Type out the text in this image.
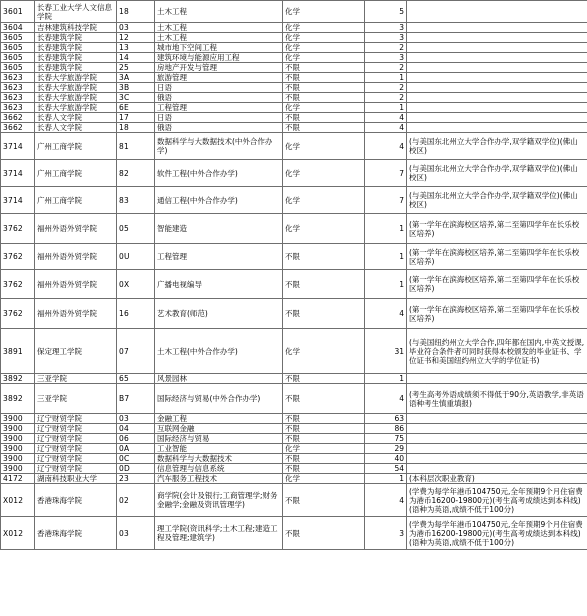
3601	长春工业大学人文信息学院	18	土木工程	化学	5	
3604	吉林建筑科技学院	03	土木工程	化学	3	
3605	长春建筑学院	12	土木工程	化学	3	
3605	长春建筑学院	13	城市地下空间工程	化学	2	
3605	长春建筑学院	14	建筑环境与能源应用工程	化学	3	
3605	长春建筑学院	25	房地产开发与管理	不限	2	
3623	长春大学旅游学院	3A	旅游管理	不限	1	
3623	长春大学旅游学院	3B	日语	不限	2	
3623	长春大学旅游学院	3C	俄语	不限	2	
3623	长春大学旅游学院	6E	工程管理	化学	1	
3662	长春人文学院	17	日语	不限	4	
3662	长春人文学院	18	俄语	不限	4	
3714	广州工商学院	81	数据科学与大数据技术(中外合作办学)	化学	4	(与美国东北州立大学合作办学,双学籍双学位)(佛山校区)
3714	广州工商学院	82	软件工程(中外合作办学)	化学	7	(与美国东北州立大学合作办学,双学籍双学位)(佛山校区)
3714	广州工商学院	83	通信工程(中外合作办学)	化学	7	(与美国东北州立大学合作办学,双学籍双学位)(佛山校区)
3762	福州外语外贸学院	05	智能建造	化学	1	(第一学年在滨海校区培养,第二至第四学年在长乐校区培养)
3762	福州外语外贸学院	0U	工程管理	不限	1	(第一学年在滨海校区培养,第二至第四学年在长乐校区培养)
3762	福州外语外贸学院	0X	广播电视编导	不限	1	(第一学年在滨海校区培养,第二至第四学年在长乐校区培养)
3762	福州外语外贸学院	16	艺术教育(师范)	不限	4	(第一学年在滨海校区培养,第二至第四学年在长乐校区培养)
3891	保定理工学院	07	土木工程(中外合作办学)	化学	31	(与美国纽约州立大学合作,四年都在国内,中英文授课,毕业符合条件者可同时获得本校颁发的毕业证书、学位证书和美国纽约州立大学的学位证书)
3892	三亚学院	65	风景园林	不限	1	
3892	三亚学院	B7	国际经济与贸易(中外合作办学)	不限	4	(考生高考外语成绩须不得低于90分,英语教学,非英语语种考生慎重填报)
3900	辽宁财贸学院	03	金融工程	不限	63	
3900	辽宁财贸学院	04	互联网金融	不限	86	
3900	辽宁财贸学院	06	国际经济与贸易	不限	75	
3900	辽宁财贸学院	0A	工业智能	化学	29	
3900	辽宁财贸学院	0C	数据科学与大数据技术	不限	40	
3900	辽宁财贸学院	0D	信息管理与信息系统	不限	54	
4172	湖南科技职业大学	23	汽车服务工程技术	化学	1	(本科层次职业教育)
X012	香港珠海学院	02	商学院(会计及银行;工商管理学;财务金融学;金融及资讯管理学)	不限	4	(学费为每学年港币104750元,全年预期9个月住宿费为港币16200-19800元)(考生高考成绩达到本科线)(语种为英语,成绩不低于100分)
X012	香港珠海学院	03	理工学院(资讯科学;土木工程;建造工程及管理;建筑学)	不限	3	(学费为每学年港币104750元,全年预期9个月住宿费为港币16200-19800元)(考生高考成绩达到本科线)(语种为英语,成绩不低于100分)
